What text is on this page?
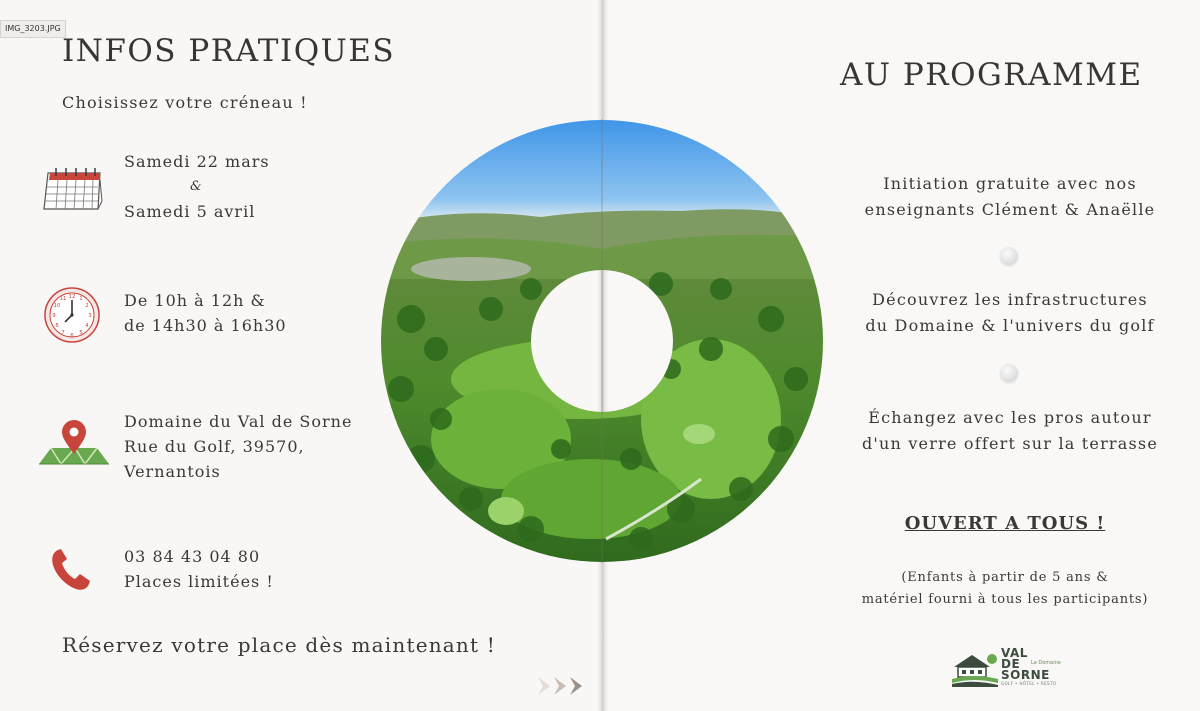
IMG_3203.JPG
INFOS PRATIQUES
Choisissez votre créneau !
Samedi 22 mars
&
Samedi 5 avril
12
6
3
9
1
2
4
5
7
8
10
11	De 10h à 12h &
de 14h30 à 16h30
Domaine du Val de Sorne
Rue du Golf, 39570,
Vernantois
03 84 43 04 80
Places limitées !
Réservez votre place dès maintenant !
AU PROGRAMME
Initiation gratuite avec nos
enseignants Clément & Anaëlle
Découvrez les infrastructures
du Domaine & l'univers du golf
Échangez avec les pros autour
d'un verre offert sur la terrasse
OUVERT A TOUS !
(Enfants à partir de 5 ans &
matériel fourni à tous les participants)
VAL
DE
SORNE
Le Domaine
GOLF • HÔTEL • RESTO
